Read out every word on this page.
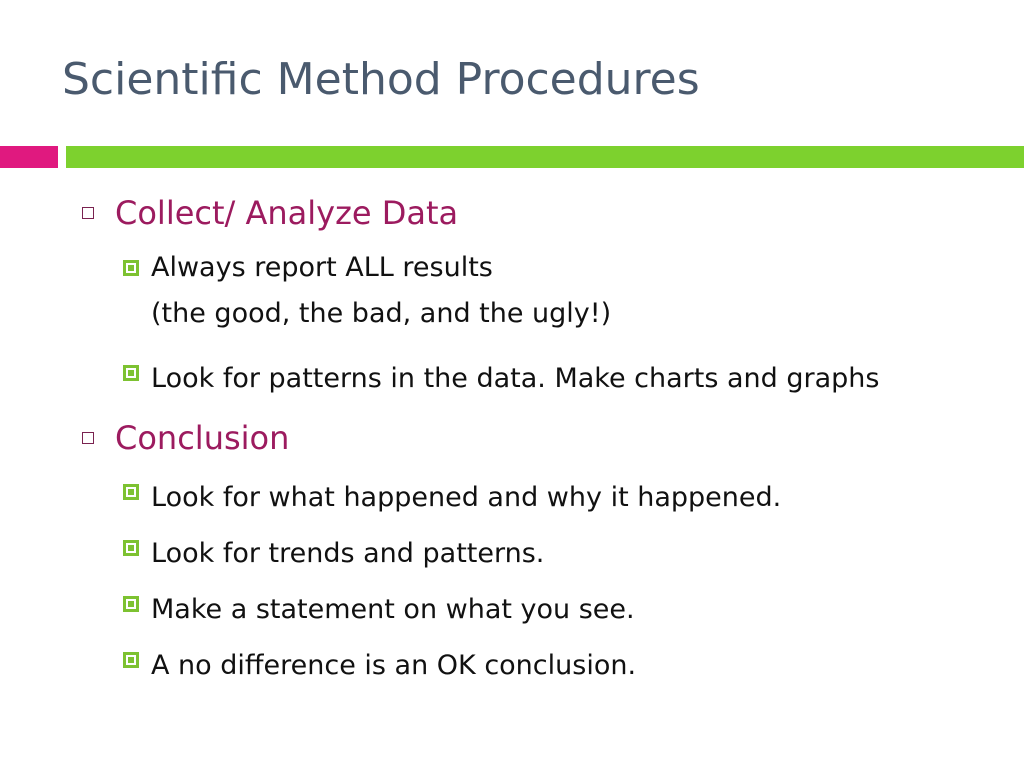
Scientific Method Procedures
Collect/ Analyze Data
Always report ALL results
(the good, the bad, and the ugly!)
Look for patterns in the data. Make charts and graphs
Conclusion
Look for what happened and why it happened.
Look for trends and patterns.
Make a statement on what you see.
A no difference is an OK conclusion.
